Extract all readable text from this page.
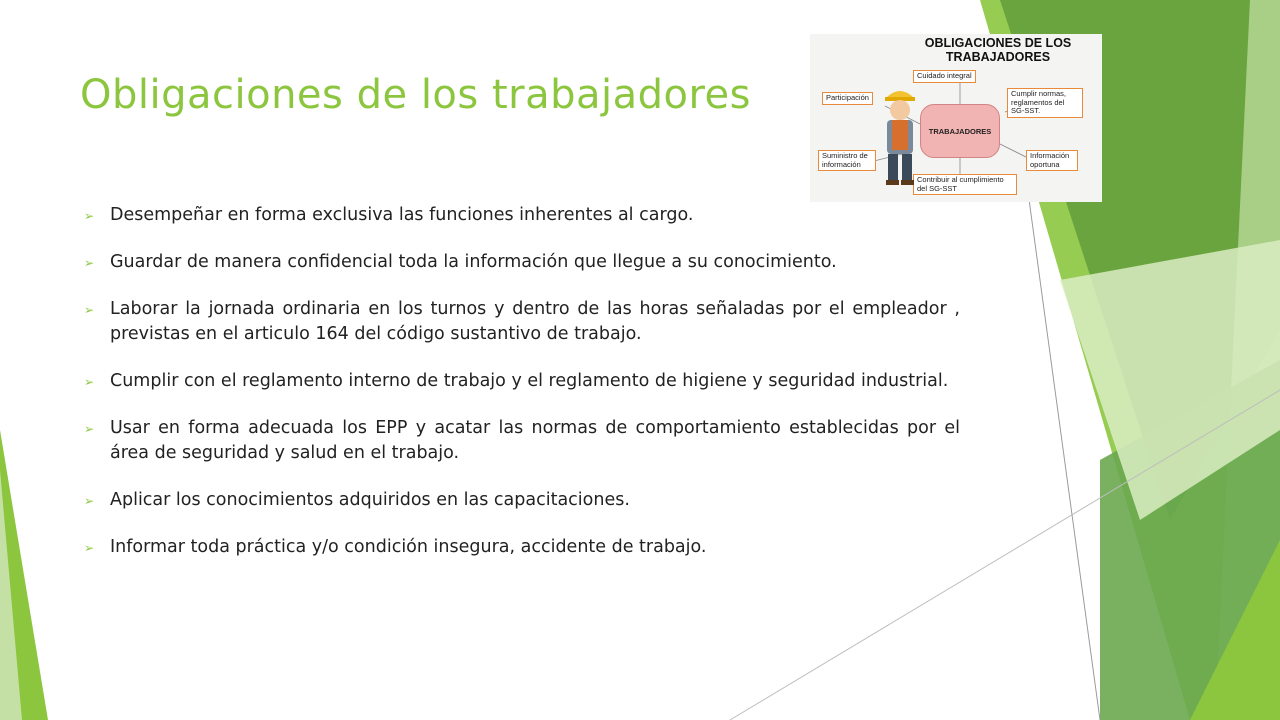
Obligaciones de los trabajadores
OBLIGACIONES DE LOS
TRABAJADORES
Cuidado integral
Participación	Cumplir normas, reglamentos del SG-SST.
Suministro de información
Información oportuna
Contribuir al cumplimiento del SG-SST
TRABAJADORES
➢ Desempeñar en forma exclusiva las funciones inherentes al cargo.
➢ Guardar de manera confidencial toda la información que llegue a su conocimiento.
➢ Laborar la jornada ordinaria en los turnos y dentro de las horas señaladas por el empleador , previstas en el articulo 164 del código sustantivo de trabajo.
➢ Cumplir con el reglamento interno de trabajo y el reglamento de higiene y seguridad industrial.
➢ Usar en forma adecuada los EPP y acatar las normas de comportamiento establecidas por el área de seguridad y salud en el trabajo.
➢ Aplicar los conocimientos adquiridos en las capacitaciones.
➢ Informar toda práctica y/o condición insegura, accidente de trabajo.
